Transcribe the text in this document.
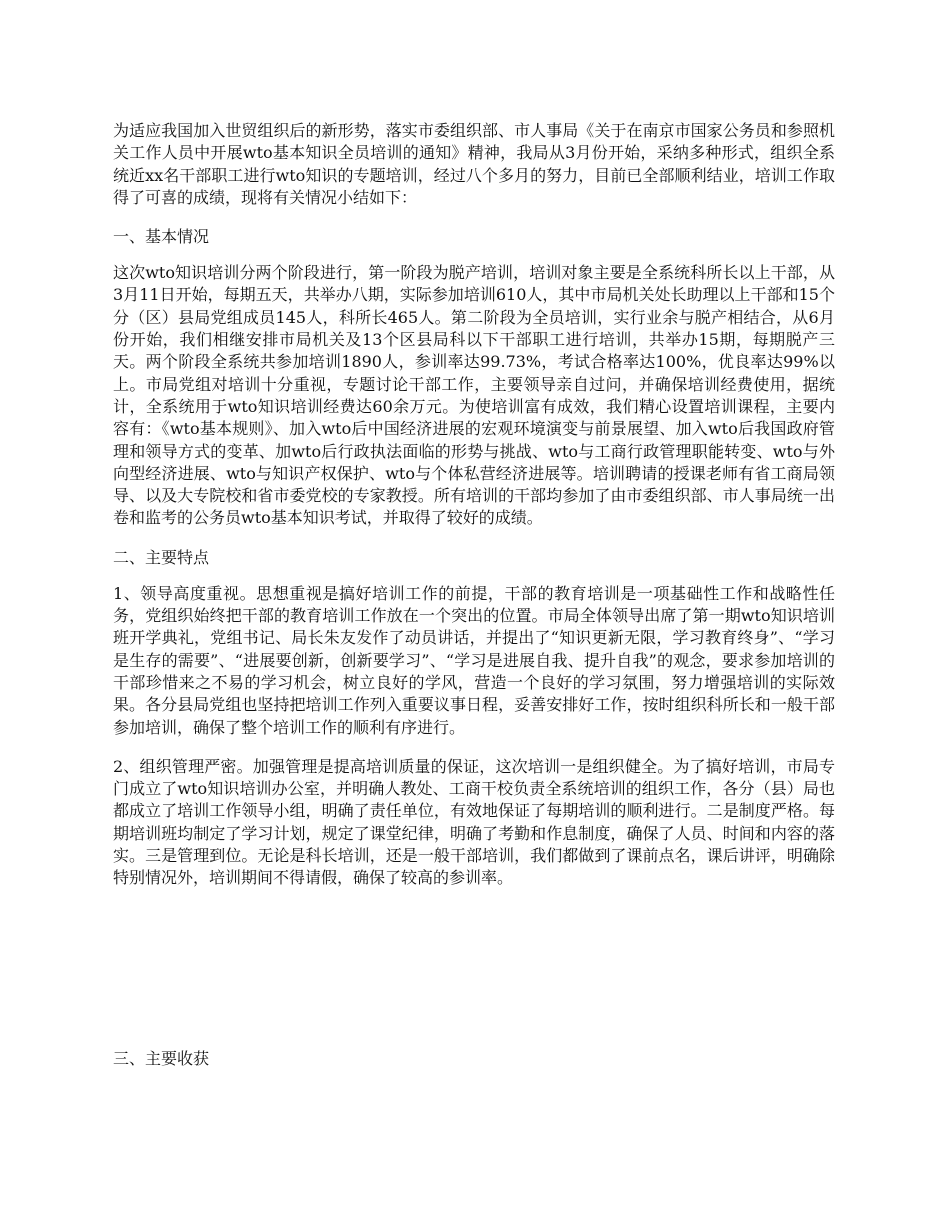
为适应我国加入世贸组织后的新形势，落实市委组织部、市人事局《关于在南京市国家公务员和参照机关工作人员中开展wto基本知识全员培训的通知》精神，我局从3月份开始，采纳多种形式，组织全系统近xx名干部职工进行wto知识的专题培训，经过八个多月的努力，目前已全部顺利结业，培训工作取得了可喜的成绩，现将有关情况小结如下：

一、基本情况

这次wto知识培训分两个阶段进行，第一阶段为脱产培训，培训对象主要是全系统科所长以上干部，从3月11日开始，每期五天，共举办八期，实际参加培训610人，其中市局机关处长助理以上干部和15个分（区）县局党组成员145人，科所长465人。第二阶段为全员培训，实行业余与脱产相结合，从6月份开始，我们相继安排市局机关及13个区县局科以下干部职工进行培训，共举办15期，每期脱产三天。两个阶段全系统共参加培训1890人，参训率达99.73%，考试合格率达100%，优良率达99%以上。市局党组对培训十分重视，专题讨论干部工作，主要领导亲自过问，并确保培训经费使用，据统计，全系统用于wto知识培训经费达60余万元。为使培训富有成效，我们精心设置培训课程，主要内容有：《wto基本规则》、加入wto后中国经济进展的宏观环境演变与前景展望、加入wto后我国政府管理和领导方式的变革、加wto后行政执法面临的形势与挑战、wto与工商行政管理职能转变、wto与外向型经济进展、wto与知识产权保护、wto与个体私营经济进展等。培训聘请的授课老师有省工商局领导、以及大专院校和省市委党校的专家教授。所有培训的干部均参加了由市委组织部、市人事局统一出卷和监考的公务员wto基本知识考试，并取得了较好的成绩。

二、主要特点

1、领导高度重视。思想重视是搞好培训工作的前提，干部的教育培训是一项基础性工作和战略性任务，党组织始终把干部的教育培训工作放在一个突出的位置。市局全体领导出席了第一期wto知识培训班开学典礼，党组书记、局长朱友发作了动员讲话，并提出了“知识更新无限，学习教育终身”、“学习是生存的需要”、“进展要创新，创新要学习”、“学习是进展自我、提升自我”的观念，要求参加培训的干部珍惜来之不易的学习机会，树立良好的学风，营造一个良好的学习氛围，努力增强培训的实际效果。各分县局党组也坚持把培训工作列入重要议事日程，妥善安排好工作，按时组织科所长和一般干部参加培训，确保了整个培训工作的顺利有序进行。

2、组织管理严密。加强管理是提高培训质量的保证，这次培训一是组织健全。为了搞好培训，市局专门成立了wto知识培训办公室，并明确人教处、工商干校负责全系统培训的组织工作，各分（县）局也都成立了培训工作领导小组，明确了责任单位，有效地保证了每期培训的顺利进行。二是制度严格。每期培训班均制定了学习计划，规定了课堂纪律，明确了考勤和作息制度，确保了人员、时间和内容的落实。三是管理到位。无论是科长培训，还是一般干部培训，我们都做到了课前点名，课后讲评，明确除特别情况外，培训期间不得请假，确保了较高的参训率。

三、主要收获
